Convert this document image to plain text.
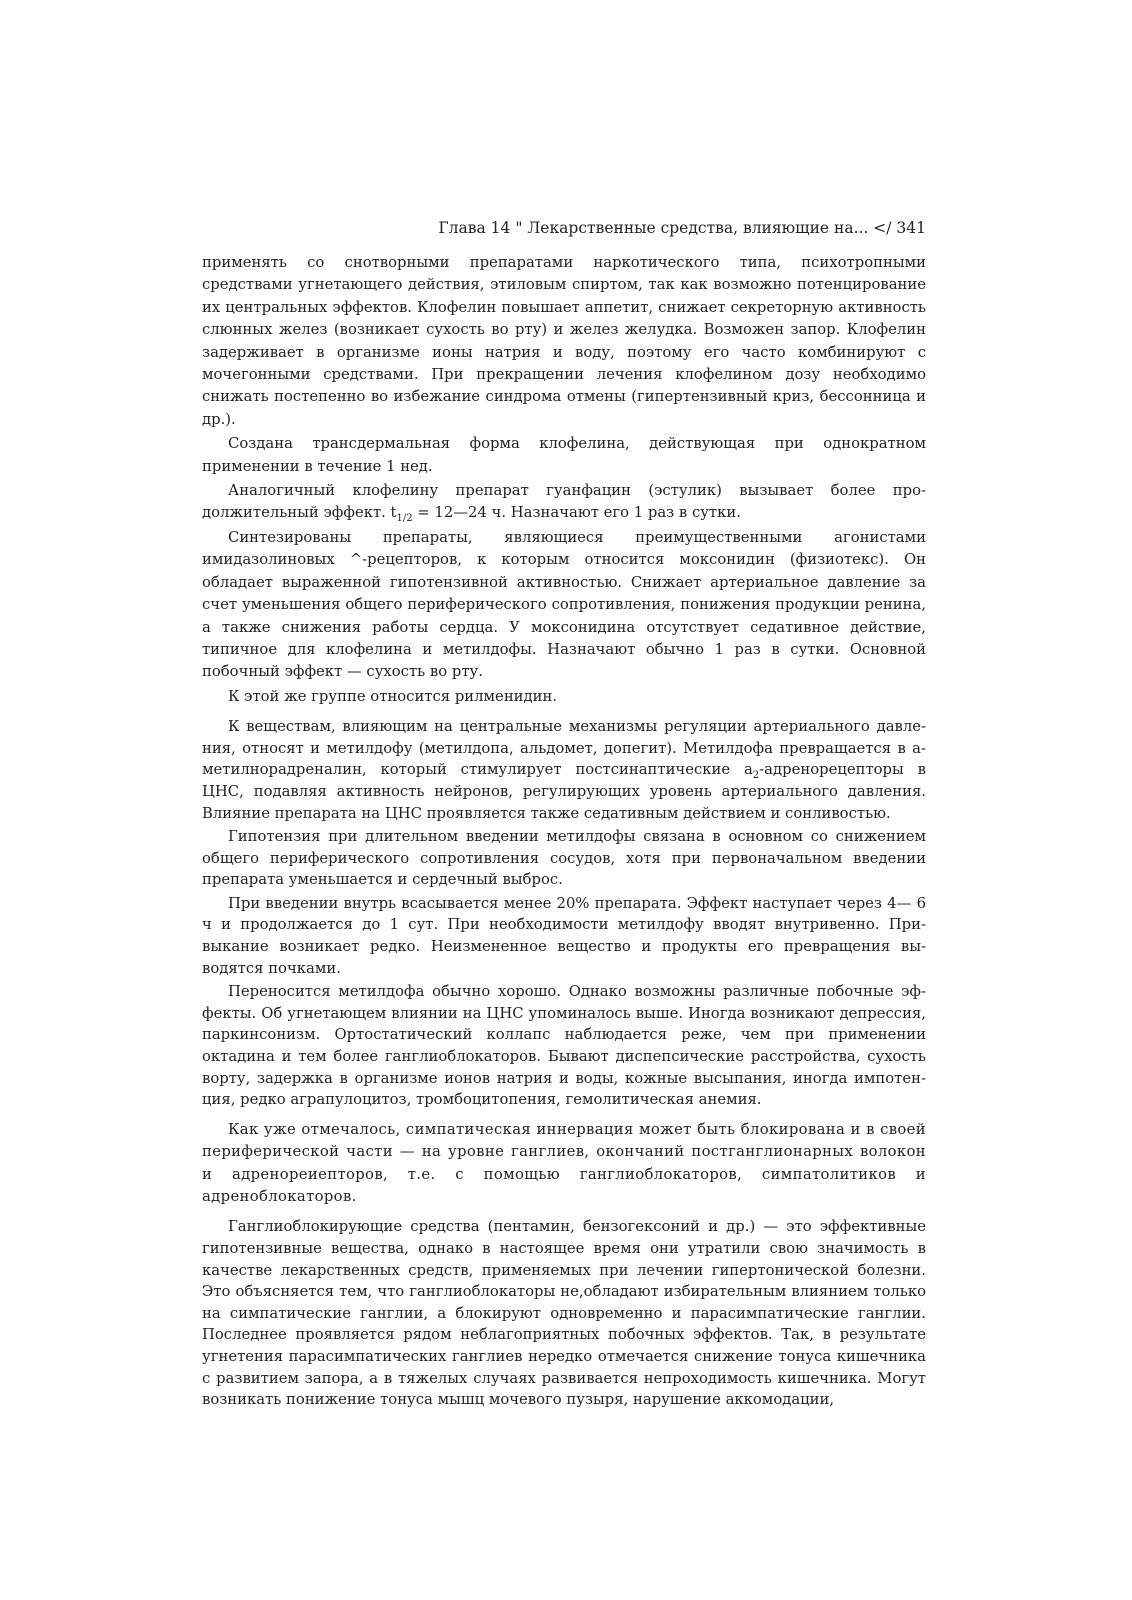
Глава 14 " Лекарственные средства, влияющие на... </ 341

применять со снотворными препаратами наркотического типа, психотропными средствами угнетающего действия, этиловым спиртом, так как возможно потенцирование их центральных эффектов. Клофелин повышает аппетит, снижает секреторную активность слюнных желез (возникает сухость во рту) и желез желудка. Возможен запор. Клофелин задерживает в организме ионы натрия и воду, поэтому его часто комбинируют с мочегонными средствами. При прекращении лечения клофелином дозу необходимо снижать постепенно во избежание синдрома отмены (гипертензивный криз, бессонница и др.).

Создана трансдермальная форма клофелина, действующая при однократном применении в течение 1 нед.

Аналогичный клофелину препарат гуанфацин (эстулик) вызывает более продолжительный эффект. $t_{1/2}$ = 12—24 ч. Назначают его 1 раз в сутки.

Синтезированы препараты, являющиеся преимущественными агонистами имидазолиновых ^-рецепторов, к которым относится моксонидин (физиотекс). Он обладает выраженной гипотензивной активностью. Снижает артериальное давление за счет уменьшения общего периферического сопротивления, понижения продукции ренина, а также снижения работы сердца. У моксонидина отсутствует седативное действие, типичное для клофелина и метилдофы. Назначают обычно 1 раз в сутки. Основной побочный эффект — сухость во рту.

К этой же группе относится рилменидин.

К веществам, влияющим на центральные механизмы регуляции артериального давления, относят и метилдофу (метилдопа, альдомет, допегит). Метилдофа превращается в а-метилнорадреналин, который стимулирует постсинаптические $а_2$-адренорецепторы в ЦНС, подавляя активность нейронов, регулирующих уровень артериального давления. Влияние препарата на ЦНС проявляется также седативным действием и сонливостью.

Гипотензия при длительном введении метилдофы связана в основном со снижением общего периферического сопротивления сосудов, хотя при первоначальном введении препарата уменьшается и сердечный выброс.

При введении внутрь всасывается менее 20% препарата. Эффект наступает через 4— 6 ч и продолжается до 1 сут. При необходимости метилдофу вводят внутривенно. Привыкание возникает редко. Неизмененное вещество и продукты его превращения выводятся почками.

Переносится метилдофа обычно хорошо. Однако возможны различные побочные эффекты. Об угнетающем влиянии на ЦНС упоминалось выше. Иногда возникают депрессия, паркинсонизм. Ортостатический коллапс наблюдается реже, чем при применении октадина и тем более ганглиоблокаторов. Бывают диспепсические расстройства, сухость ворту, задержка в организме ионов натрия и воды, кожные высыпания, иногда импотенция, редко аграпулоцитоз, тромбоцитопения, гемолитическая анемия.

Как уже отмечалось, симпатическая иннервация может быть блокирована и в своей периферической части — на уровне ганглиев, окончаний постганглионарных волокон и адренореиепторов, т.е. с помощью ганглиоблокаторов, симпатолитиков и адреноблокаторов.

Ганглиоблокирующие средства (пентамин, бензогексоний и др.) — это эффективные гипотензивные вещества, однако в настоящее время они утратили свою значимость в качестве лекарственных средств, применяемых при лечении гипертонической болезни. Это объясняется тем, что ганглиоблокаторы не,обладают избирательным влиянием только на симпатические ганглии, а блокируют одновременно и парасимпатические ганглии. Последнее проявляется рядом неблагоприятных побочных эффектов. Так, в результате угнетения парасимпатических ганглиев нередко отмечается снижение тонуса кишечника с развитием запора, а в тяжелых случаях развивается непроходимость кишечника. Могут возникать понижение тонуса мышц мочевого пузыря, нарушение аккомодации,
